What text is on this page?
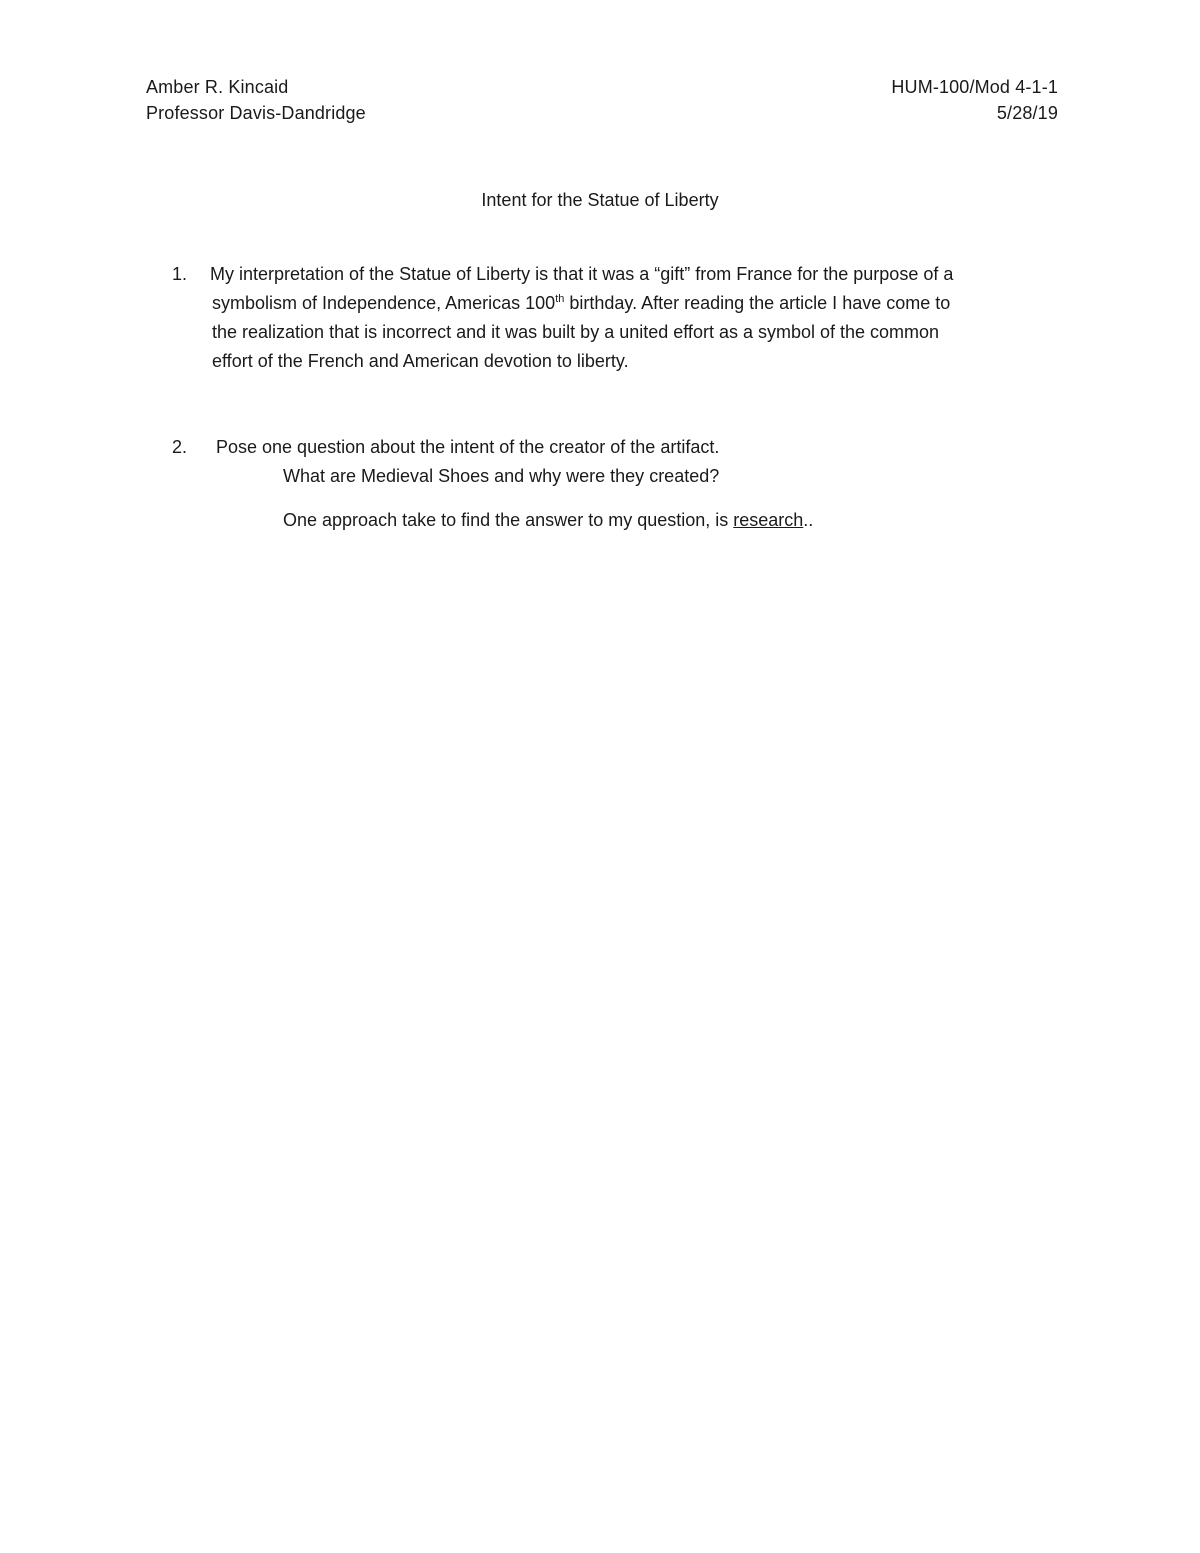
Amber R. Kincaid
Professor Davis-Dandridge
HUM-100/Mod 4-1-1
5/28/19
Intent for the Statue of Liberty
1. My interpretation of the Statue of Liberty is that it was a “gift” from France for the purpose of a
symbolism of Independence, Americas 100th birthday. After reading the article I have come to
the realization that is incorrect and it was built by a united effort as a symbol of the common
effort of the French and American devotion to liberty.
2. Pose one question about the intent of the creator of the artifact.
What are Medieval Shoes and why were they created?
One approach take to find the answer to my question, is research..
